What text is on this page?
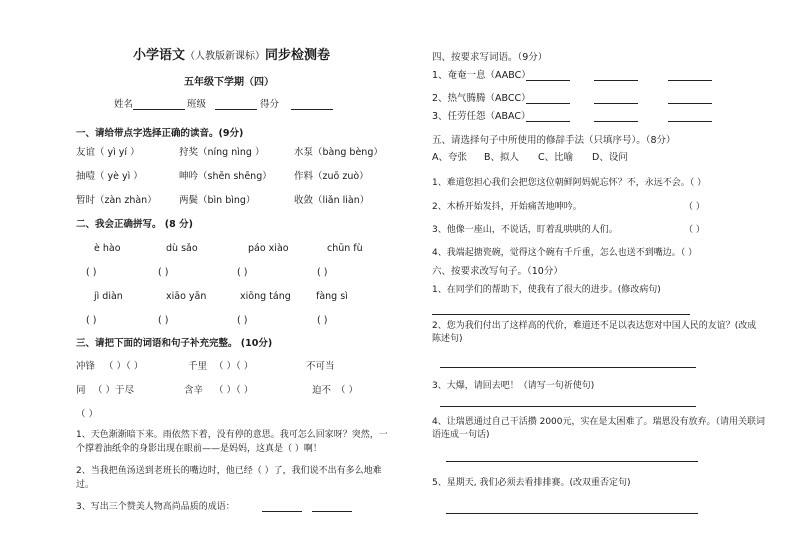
小学语文（人教版新课标）同步检测卷
五年级下学期（四）
姓名	班级	得分
一、请给带点字选择正确的读音。(9分)
友谊（ yì yí ）	狩奖（níng nìng ）	水泵（bàng bèng）
抽噎（ yè yì ）	呻吟（shēn shēng） 作料（zuō zuò）
暂时（zàn zhàn） 两鬓（bìn bìng）	收敛（liǎn liàn）
二、我会正确拼写。 (8 分)
è hào	dù sǎo	páo xiào	chūn fù
( )	( )	( )	( )
jì diàn	xiāo yān	xiōng táng	fàng sì
( )	( )	( )	( )
三、请把下面的词语和句子补充完整。 (10分)
冲锋 （ ）（ ）	千里 （ ）（ ）	不可当
同 （ ）于尽	含辛 （ ）（ ）	迫不 （ ）
（ ）
1、天色渐渐暗下来。雨依然下着，没有停的意思。我可怎么回家呀？突然，一个撑着油纸伞的身影出现在眼前——是妈妈，这真是（ ）啊！
2、当我把鱼汤送到老班长的嘴边时，他已经（ ）了，我们说不出有多么地难过。
3、写出三个赞美人物高尚品质的成语：
四、按要求写词语。（9分）
1、奄奄一息（AABC）
2、热气腾腾（ABCC）
3、任劳任怨（ABAC）
五、请选择句子中所使用的修辞手法（只填序号）。（8分）
A、夸张 B、拟人 C、比喻 D、设问
1、难道您担心我们会把您这位朝鲜阿妈妮忘怀？不，永远不会。（ ）
2、木桥开始发抖，开始痛苦地呻吟。	（ ）
3、他像一座山，不说话，盯着乱哄哄的人们。	（ ）
4、我端起搪瓷碗，觉得这个碗有千斤重，怎么也送不到嘴边。（ ）
六、按要求改写句子。（10分）
1、在同学们的帮助下，使我有了很大的进步。(修改病句)
2、您为我们付出了这样高的代价，难道还不足以表达您对中国人民的友谊？(改成陈述句)
3、大爆，请回去吧！（请写一句祈使句)
4、让瑞恩通过自己干活攒 2000元，实在是太困难了。瑞恩没有放弃。（请用关联词语连成一句话)
5、星期天, 我们必须去看排排赛。(改双重否定句)
